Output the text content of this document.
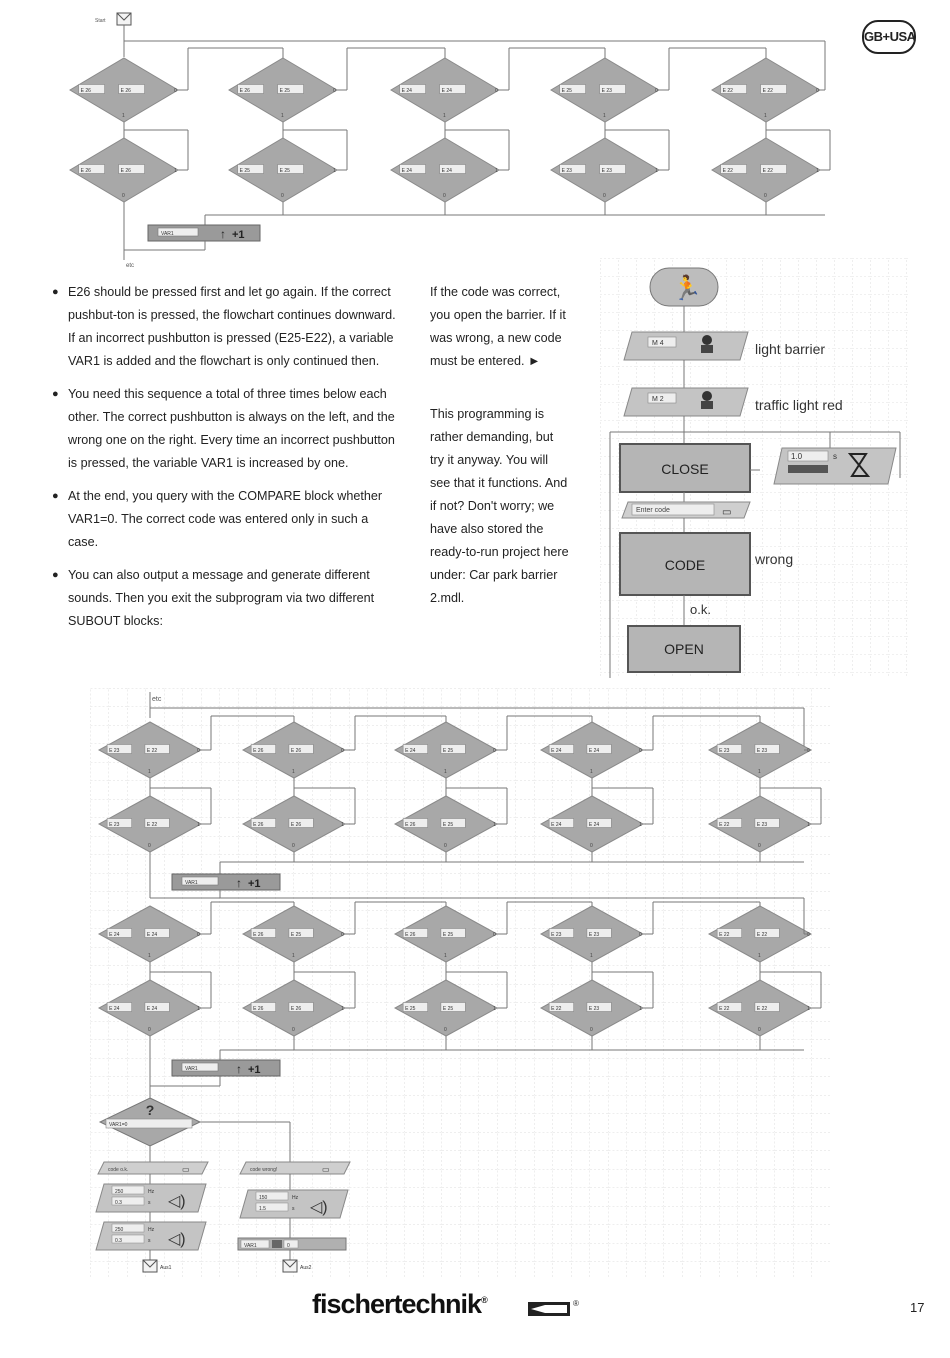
GB+USA
Start
E 26	E 26
1
0	E 26	E 25
1
0	E 24	E 24
1
0	E 25	E 23
1
0	E 22	E 22
1
0
E 26	E 26
0
1	E 25	E 25
0
1	E 24	E 24
0
1	E 23	E 23
0
1	E 22	E 22
0
1
VAR1	↑ +1
etc
● E26 should be pressed first and let go again. If the correct pushbut-ton is pressed, the flowchart continues downward. If an incorrect pushbutton is pressed (E25-E22), a variable VAR1 is added and the flowchart is only continued then.
● You need this sequence a total of three times below each other. The correct pushbutton is always on the left, and the wrong one on the right. Every time an incorrect pushbutton is pressed, the variable VAR1 is increased by one.
● At the end, you query with the COMPARE block whether VAR1=0. The correct code was entered only in such a case.
● You can also output a message and generate different sounds. Then you exit the subprogram via two different SUBOUT blocks:
If the code was correct, you open the barrier. If it was wrong, a new code must be entered. ►
This programming is rather demanding, but try it anyway. You will see that it functions. And if not? Don't worry; we have also stored the ready-to-run project here under: Car park barrier 2.mdl.
🏃
M 4	light barrier
M 2	traffic light red
CLOSE
1.0	s
Enter code	▭
CODE	wrong
o.k.
OPEN
etc
E 23	E 22
1
0	E 26	E 26
1
0	E 24	E 25
1
0	E 24	E 24
1
0	E 23	E 23
1
0
E 23	E 22
0
1	E 26	E 26
0
1	E 26	E 25
0
1	E 24	E 24
0
1	E 22	E 23
0
1
E 24	E 24
1
0	E 26	E 25
1
0	E 26	E 25
1
0	E 23	E 23
1
0	E 22	E 22
1
0
E 24	E 24
0
1	E 26	E 26
0
1	E 25	E 25
0
1	E 22	E 23
0
1	E 22	E 22
0
1
VAR1	↑ +1
VAR1	↑ +1
?
VAR1=0
code o.k.	▭
250	Hz
0.3	s ◁)
250	Hz
0.3	s ◁)
Aus1
code wrong!	▭
150	Hz
1.5	s ◁)
VAR1	0
Aus2
fischertechnik®	®	17
